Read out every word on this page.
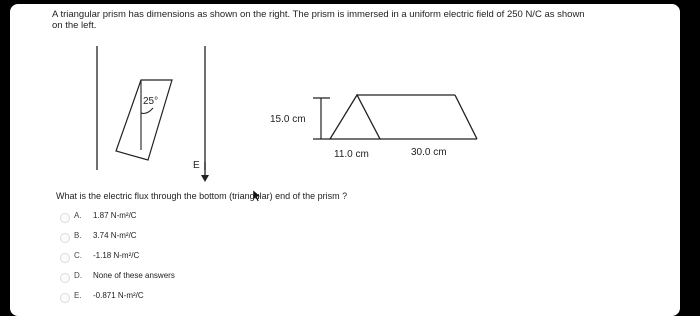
A triangular prism has dimensions as shown on the right. The prism is immersed in a uniform electric field of 250 N/C as shown
on the left.
25°
E
15.0 cm
11.0 cm	30.0 cm
What is the electric flux through the bottom (triangular) end of the prism ?
A. 1.87 N-m²/C
B. 3.74 N-m²/C
C. -1.18 N-m²/C
D. None of these answers
E. -0.871 N-m²/C
